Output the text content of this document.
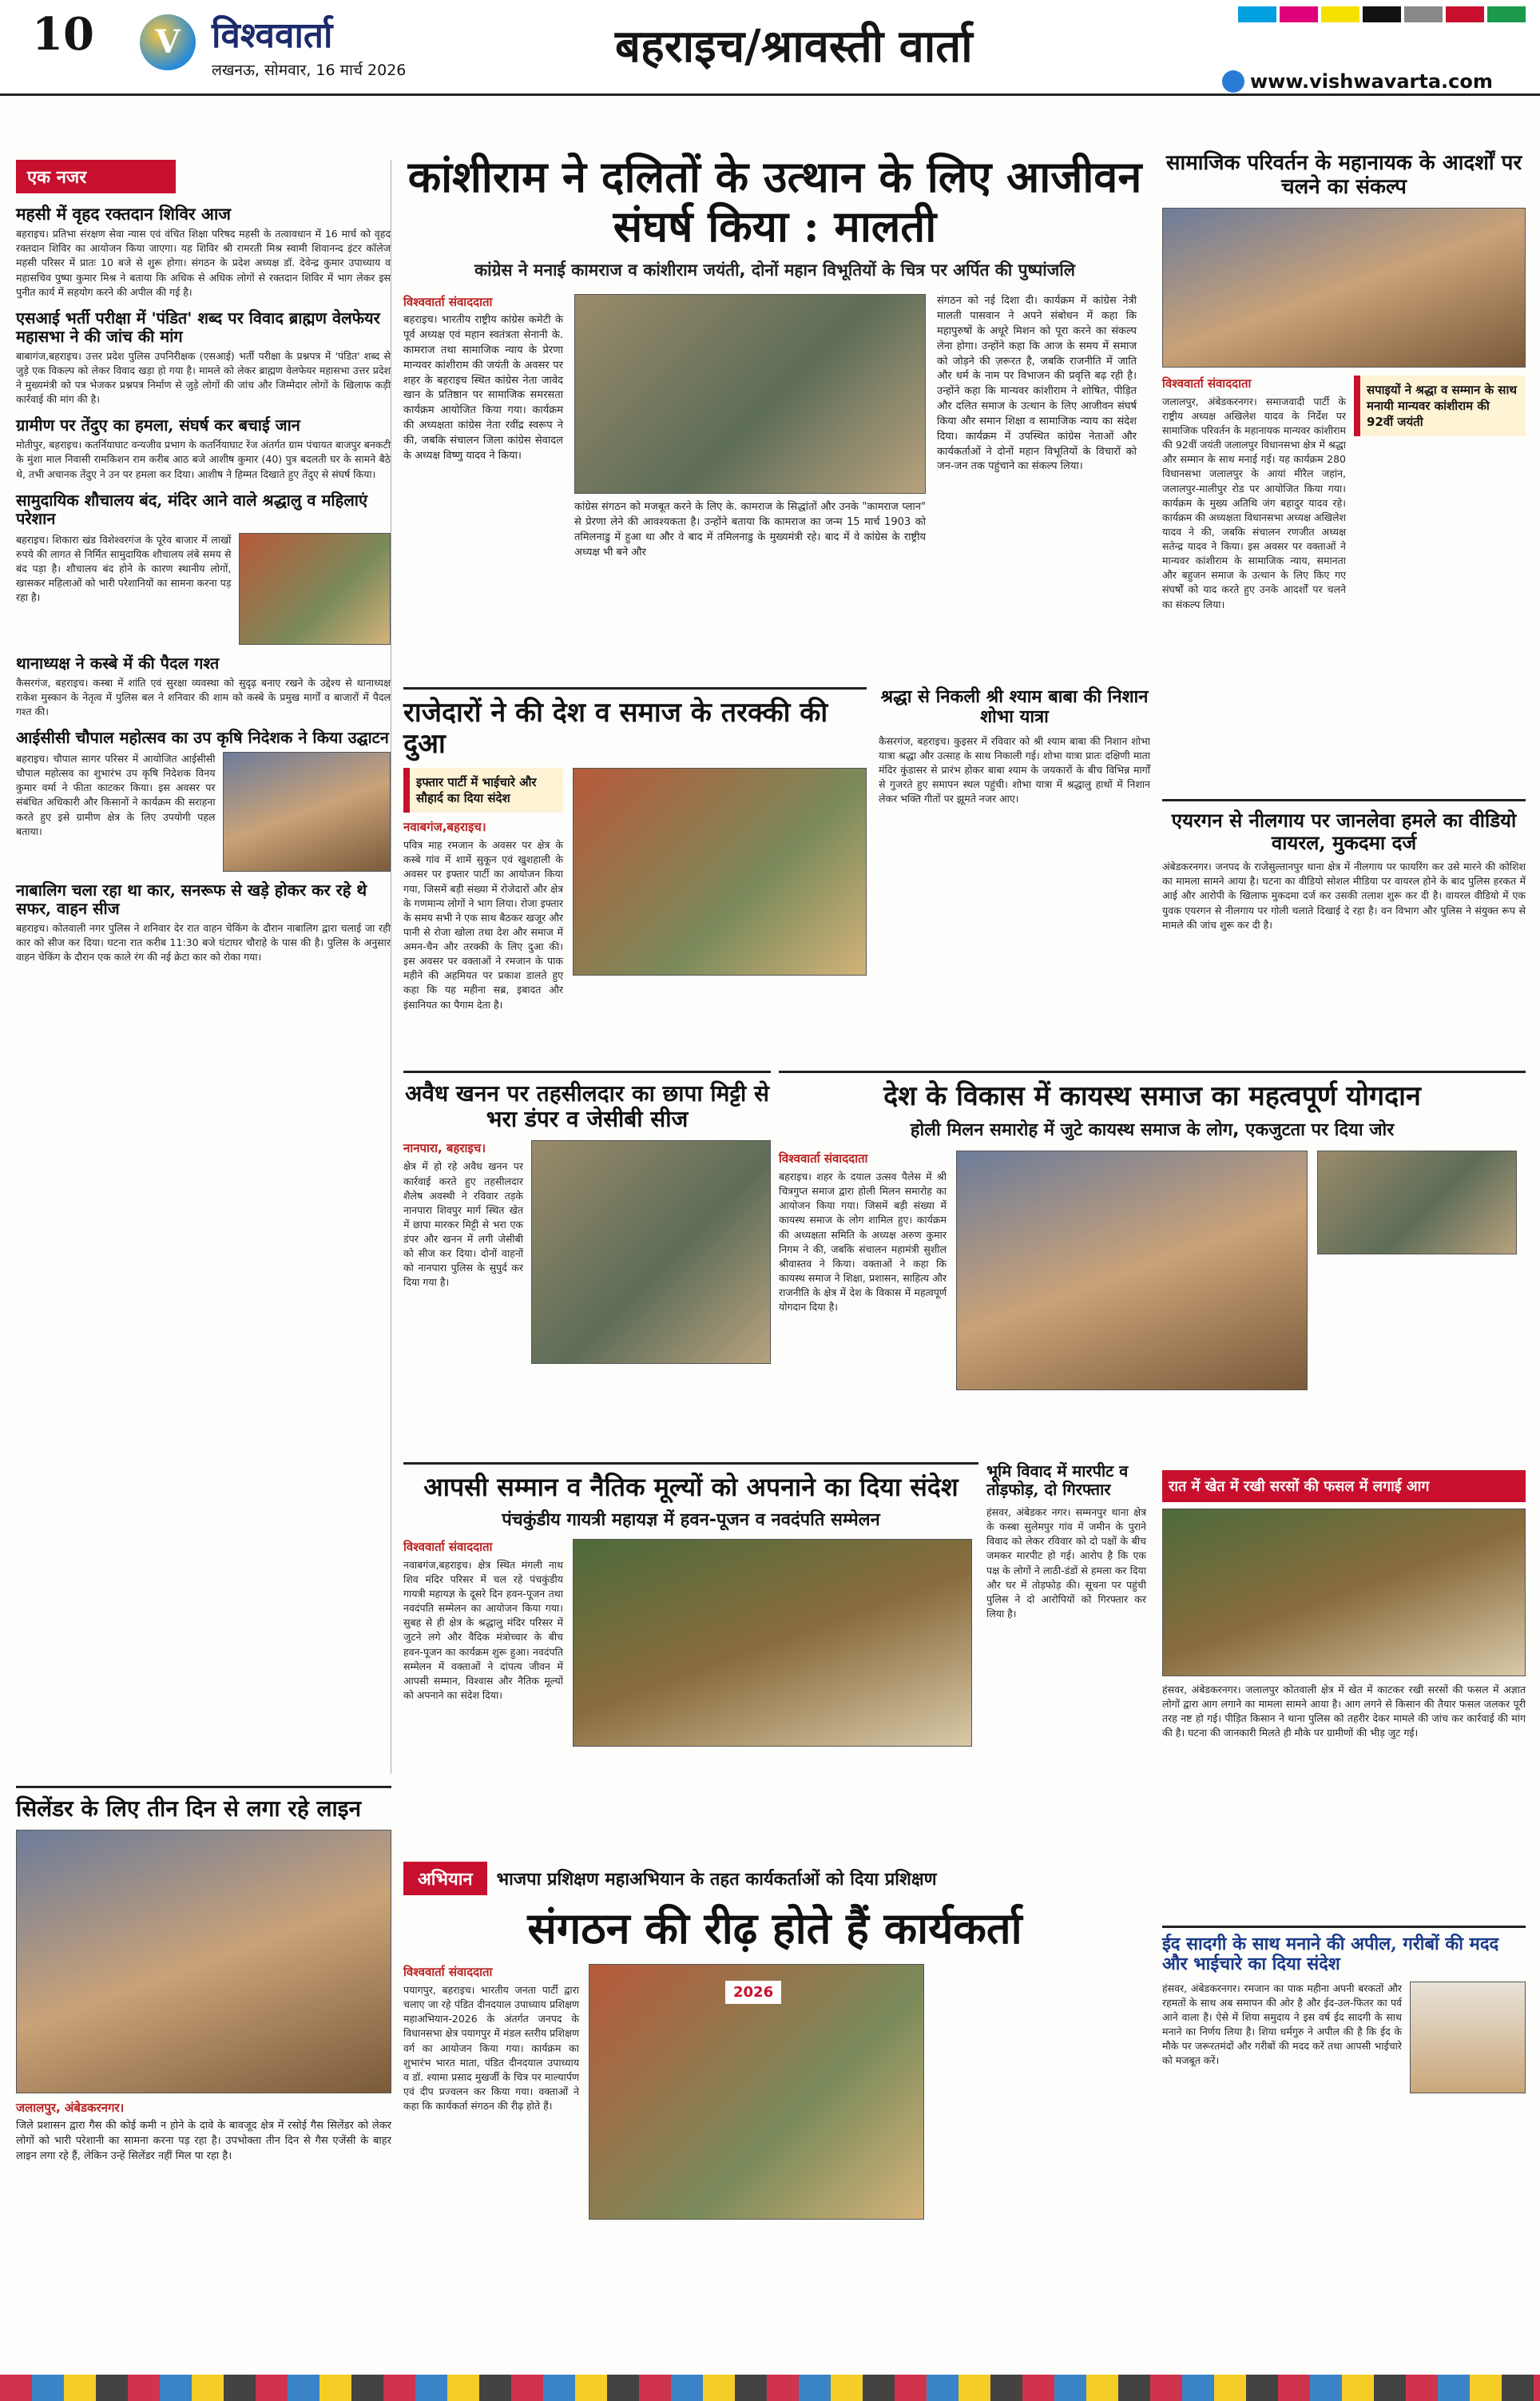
10	V विश्ववार्ता
लखनऊ, सोमवार, 16 मार्च 2026	बहराइच/श्रावस्ती वार्ता
www.vishwavarta.com
एक नजर
महसी में वृहद रक्तदान शिविर आज

बहराइच। प्रतिभा संरक्षण सेवा न्यास एवं वंचित शिक्षा परिषद महसी के तत्वावधान में 16 मार्च को वृहद रक्तदान शिविर का आयोजन किया जाएगा। यह शिविर श्री रामरती मिश्र स्वामी शिवानन्द इंटर कॉलेज महसी परिसर में प्रातः 10 बजे से शुरू होगा। संगठन के प्रदेश अध्यक्ष डॉ. देवेन्द्र कुमार उपाध्याय व महासचिव पुष्पा कुमार मिश्र ने बताया कि अधिक से अधिक लोगों से रक्तदान शिविर में भाग लेकर इस पुनीत कार्य में सहयोग करने की अपील की गई है।

एसआई भर्ती परीक्षा में 'पंडित' शब्द पर विवाद ब्राह्मण वेलफेयर महासभा ने की जांच की मांग

बाबागंज,बहराइच। उत्तर प्रदेश पुलिस उपनिरीक्षक (एसआई) भर्ती परीक्षा के प्रश्नपत्र में 'पंडित' शब्द से जुड़े एक विकल्प को लेकर विवाद खड़ा हो गया है। मामले को लेकर ब्राह्मण वेलफेयर महासभा उत्तर प्रदेश ने मुख्यमंत्री को पत्र भेजकर प्रश्नपत्र निर्माण से जुड़े लोगों की जांच और जिम्मेदार लोगों के खिलाफ कड़ी कार्रवाई की मांग की है।

ग्रामीण पर तेंदुए का हमला, संघर्ष कर बचाई जान

मोतीपुर, बहराइच। कतर्नियाघाट वन्यजीव प्रभाग के कतर्नियाघाट रेंज अंतर्गत ग्राम पंचायत बाजपुर बनकटी के मुंशा माल निवासी रामकिशन राम करीब आठ बजे आशीष कुमार (40) पुत्र बदलती घर के सामने बैठे थे, तभी अचानक तेंदुए ने उन पर हमला कर दिया। आशीष ने हिम्मत दिखाते हुए तेंदुए से संघर्ष किया।

सामुदायिक शौचालय बंद, मंदिर आने वाले श्रद्धालु व महिलाएं परेशान

बहराइच। शिकारा खंड विशेश्वरगंज के पूरेव बाजार में लाखों रुपये की लागत से निर्मित सामुदायिक शौचालय लंबे समय से बंद पड़ा है। शौचालय बंद होने के कारण स्थानीय लोगों, खासकर महिलाओं को भारी परेशानियों का सामना करना पड़ रहा है।

थानाध्यक्ष ने कस्बे में की पैदल गश्त

कैसरगंज, बहराइच। कस्बा में शांति एवं सुरक्षा व्यवस्था को सुदृढ़ बनाए रखने के उद्देश्य से थानाध्यक्ष राकेश मुस्कान के नेतृत्व में पुलिस बल ने शनिवार की शाम को कस्बे के प्रमुख मार्गों व बाजारों में पैदल गश्त की।

आईसीसी चौपाल महोत्सव का उप कृषि निदेशक ने किया उद्घाटन

बहराइच। चौपाल सागर परिसर में आयोजित आईसीसी चौपाल महोत्सव का शुभारंभ उप कृषि निदेशक विनय कुमार वर्मा ने फीता काटकर किया। इस अवसर पर संबंधित अधिकारी और किसानों ने कार्यक्रम की सराहना करते हुए इसे ग्रामीण क्षेत्र के लिए उपयोगी पहल बताया।

नाबालिग चला रहा था कार, सनरूफ से खड़े होकर कर रहे थे सफर, वाहन सीज

बहराइच। कोतवाली नगर पुलिस ने शनिवार देर रात वाहन चेकिंग के दौरान नाबालिग द्वारा चलाई जा रही कार को सीज कर दिया। घटना रात करीब 11:30 बजे घंटाघर चौराहे के पास की है। पुलिस के अनुसार वाहन चेकिंग के दौरान एक काले रंग की नई क्रेटा कार को रोका गया।

कांशीराम ने दलितों के उत्थान के लिए आजीवन संघर्ष किया : मालती

कांग्रेस ने मनाई कामराज व कांशीराम जयंती, दोनों महान विभूतियों के चित्र पर अर्पित की पुष्पांजलि

विश्ववार्ता संवाददाता

बहराइच। भारतीय राष्ट्रीय कांग्रेस कमेटी के पूर्व अध्यक्ष एवं महान स्वतंत्रता सेनानी के. कामराज तथा सामाजिक न्याय के प्रेरणा मान्यवर कांशीराम की जयंती के अवसर पर शहर के बहराइच स्थित कांग्रेस नेता जावेद खान के प्रतिष्ठान पर सामाजिक समरसता कार्यक्रम आयोजित किया गया। कार्यक्रम की अध्यक्षता कांग्रेस नेता रवींद्र स्वरूप ने की, जबकि संचालन जिला कांग्रेस सेवादल के अध्यक्ष विष्णु यादव ने किया।

कांग्रेस संगठन को मजबूत करने के लिए के. कामराज के सिद्धांतों और उनके "कामराज प्लान" से प्रेरणा लेने की आवश्यकता है। उन्होंने बताया कि कामराज का जन्म 15 मार्च 1903 को तमिलनाडु में हुआ था और वे बाद में तमिलनाडु के मुख्यमंत्री रहे। बाद में वे कांग्रेस के राष्ट्रीय अध्यक्ष भी बने और

संगठन को नई दिशा दी। कार्यक्रम में कांग्रेस नेत्री मालती पासवान ने अपने संबोधन में कहा कि महापुरुषों के अधूरे मिशन को पूरा करने का संकल्प लेना होगा। उन्होंने कहा कि आज के समय में समाज को जोड़ने की ज़रूरत है, जबकि राजनीति में जाति और धर्म के नाम पर विभाजन की प्रवृत्ति बढ़ रही है। उन्होंने कहा कि मान्यवर कांशीराम ने शोषित, पीड़ित और दलित समाज के उत्थान के लिए आजीवन संघर्ष किया और समान शिक्षा व सामाजिक न्याय का संदेश दिया। कार्यक्रम में उपस्थित कांग्रेस नेताओं और कार्यकर्ताओं ने दोनों महान विभूतियों के विचारों को जन-जन तक पहुंचाने का संकल्प लिया।

सामाजिक परिवर्तन के महानायक के आदर्शों पर चलने का संकल्प
विश्ववार्ता संवाददाता

जलालपुर, अंबेडकरनगर। समाजवादी पार्टी के राष्ट्रीय अध्यक्ष अखिलेश यादव के निर्देश पर सामाजिक परिवर्तन के महानायक मान्यवर कांशीराम की 92वीं जयंती जलालपुर विधानसभा क्षेत्र में श्रद्धा और सम्मान के साथ मनाई गई। यह कार्यक्रम 280 विधानसभा जलालपुर के आयां मीरैल जहांन, जलालपुर-मालीपुर रोड पर आयोजित किया गया। कार्यक्रम के मुख्य अतिथि जंग बहादुर यादव रहे। कार्यक्रम की अध्यक्षता विधानसभा अध्यक्ष अखिलेश यादव ने की, जबकि संचालन रणजीत अध्यक्ष सतेन्द्र यादव ने किया। इस अवसर पर वक्ताओं ने मान्यवर कांशीराम के सामाजिक न्याय, समानता और बहुजन समाज के उत्थान के लिए किए गए संघर्षों को याद करते हुए उनके आदर्शों पर चलने का संकल्प लिया।

सपाइयों ने श्रद्धा व सम्मान के साथ मनायी मान्यवर कांशीराम की 92वीं जयंती
राजेदारों ने की देश व समाज के तरक्की की दुआ
इफ्तार पार्टी में भाईचारे और सौहार्द का दिया संदेश
नवाबगंज,बहराइच।

पवित्र माह रमजान के अवसर पर क्षेत्र के कस्बे गांव में शामें सुकून एवं खुशहाली के अवसर पर इफ्तार पार्टी का आयोजन किया गया, जिसमें बड़ी संख्या में रोजेदारों और क्षेत्र के गणमान्य लोगों ने भाग लिया। रोजा इफ्तार के समय सभी ने एक साथ बैठकर खजूर और पानी से रोजा खोला तथा देश और समाज में अमन-चैन और तरक्की के लिए दुआ की। इस अवसर पर वक्ताओं ने रमजान के पाक महीने की अहमियत पर प्रकाश डालते हुए कहा कि यह महीना सब्र, इबादत और इंसानियत का पैगाम देता है।

श्रद्धा से निकली श्री श्याम बाबा की निशान शोभा यात्रा

कैसरगंज, बहराइच। कुइसर में रविवार को श्री श्याम बाबा की निशान शोभा यात्रा श्रद्धा और उत्साह के साथ निकाली गई। शोभा यात्रा प्रातः दक्षिणी माता मंदिर कुंडासर से प्रारंभ होकर बाबा श्याम के जयकारों के बीच विभिन्न मार्गों से गुजरते हुए समापन स्थल पहुंची। शोभा यात्रा में श्रद्धालु हाथों में निशान लेकर भक्ति गीतों पर झूमते नजर आए।

एयरगन से नीलगाय पर जानलेवा हमले का वीडियो वायरल, मुकदमा दर्ज

अंबेडकरनगर। जनपद के राजेसुल्तानपुर थाना क्षेत्र में नीलगाय पर फायरिंग कर उसे मारने की कोशिश का मामला सामने आया है। घटना का वीडियो सोशल मीडिया पर वायरल होने के बाद पुलिस हरकत में आई और आरोपी के खिलाफ मुकदमा दर्ज कर उसकी तलाश शुरू कर दी है। वायरल वीडियो में एक युवक एयरगन से नीलगाय पर गोली चलाते दिखाई दे रहा है। वन विभाग और पुलिस ने संयुक्त रूप से मामले की जांच शुरू कर दी है।

अवैध खनन पर तहसीलदार का छापा मिट्टी से भरा डंपर व जेसीबी सीज
नानपारा, बहराइच।

क्षेत्र में हो रहे अवैध खनन पर कार्रवाई करते हुए तहसीलदार शैलेष अवस्थी ने रविवार तड़के नानपारा शिवपुर मार्ग स्थित खेत में छापा मारकर मिट्टी से भरा एक डंपर और खनन में लगी जेसीबी को सीज कर दिया। दोनों वाहनों को नानपारा पुलिस के सुपुर्द कर दिया गया है।

देश के विकास में कायस्थ समाज का महत्वपूर्ण योगदान

होली मिलन समारोह में जुटे कायस्थ समाज के लोग, एकजुटता पर दिया जोर

विश्ववार्ता संवाददाता

बहराइच। शहर के दयाल उत्सव पैलेस में श्री चित्रगुप्त समाज द्वारा होली मिलन समारोह का आयोजन किया गया। जिसमें बड़ी संख्या में कायस्थ समाज के लोग शामिल हुए। कार्यक्रम की अध्यक्षता समिति के अध्यक्ष अरुण कुमार निगम ने की, जबकि संचालन महामंत्री सुशील श्रीवास्तव ने किया। वक्ताओं ने कहा कि कायस्थ समाज ने शिक्षा, प्रशासन, साहित्य और राजनीति के क्षेत्र में देश के विकास में महत्वपूर्ण योगदान दिया है।

आपसी सम्मान व नैतिक मूल्यों को अपनाने का दिया संदेश

पंचकुंडीय गायत्री महायज्ञ में हवन-पूजन व नवदंपति सम्मेलन

विश्ववार्ता संवाददाता

नवाबगंज,बहराइच। क्षेत्र स्थित मंगली नाथ शिव मंदिर परिसर में चल रहे पंचकुंडीय गायत्री महायज्ञ के दूसरे दिन हवन-पूजन तथा नवदंपति सम्मेलन का आयोजन किया गया। सुबह से ही क्षेत्र के श्रद्धालु मंदिर परिसर में जुटने लगे और वैदिक मंत्रोच्चार के बीच हवन-पूजन का कार्यक्रम शुरू हुआ। नवदंपति सम्मेलन में वक्ताओं ने दांपत्य जीवन में आपसी सम्मान, विश्वास और नैतिक मूल्यों को अपनाने का संदेश दिया।

भूमि विवाद में मारपीट व तोड़फोड़, दो गिरफ्तार

हंसवर, अंबेडकर नगर। सम्मनपुर थाना क्षेत्र के कस्बा सुलेमपुर गांव में जमीन के पुराने विवाद को लेकर रविवार को दो पक्षों के बीच जमकर मारपीट हो गई। आरोप है कि एक पक्ष के लोगों ने लाठी-डंडों से हमला कर दिया और घर में तोड़फोड़ की। सूचना पर पहुंची पुलिस ने दो आरोपियों को गिरफ्तार कर लिया है।

रात में खेत में रखी सरसों की फसल में लगाई आग

हंसवर, अंबेडकरनगर। जलालपुर कोतवाली क्षेत्र में खेत में काटकर रखी सरसों की फसल में अज्ञात लोगों द्वारा आग लगाने का मामला सामने आया है। आग लगने से किसान की तैयार फसल जलकर पूरी तरह नष्ट हो गई। पीड़ित किसान ने थाना पुलिस को तहरीर देकर मामले की जांच कर कार्रवाई की मांग की है। घटना की जानकारी मिलते ही मौके पर ग्रामीणों की भीड़ जुट गई।

ईद सादगी के साथ मनाने की अपील, गरीबों की मदद और भाईचारे का दिया संदेश

हंसवर, अंबेडकरनगर। रमजान का पाक महीना अपनी बरकतों और रहमतों के साथ अब समापन की ओर है और ईद-उल-फितर का पर्व आने वाला है। ऐसे में शिया समुदाय ने इस वर्ष ईद सादगी के साथ मनाने का निर्णय लिया है। शिया धर्मगुरु ने अपील की है कि ईद के मौके पर जरूरतमंदों और गरीबों की मदद करें तथा आपसी भाईचारे को मजबूत करें।

सिलेंडर के लिए तीन दिन से लगा रहे लाइन
जलालपुर, अंबेडकरनगर।

जिले प्रशासन द्वारा गैस की कोई कमी न होने के दावे के बावजूद क्षेत्र में रसोई गैस सिलेंडर को लेकर लोगों को भारी परेशानी का सामना करना पड़ रहा है। उपभोक्ता तीन दिन से गैस एजेंसी के बाहर लाइन लगा रहे हैं, लेकिन उन्हें सिलेंडर नहीं मिल पा रहा है।

अभियान	भाजपा प्रशिक्षण महाअभियान के तहत कार्यकर्ताओं को दिया प्रशिक्षण
संगठन की रीढ़ होते हैं कार्यकर्ता
विश्ववार्ता संवाददाता

पयागपुर, बहराइच। भारतीय जनता पार्टी द्वारा चलाए जा रहे पंडित दीनदयाल उपाध्याय प्रशिक्षण महाअभियान-2026 के अंतर्गत जनपद के विधानसभा क्षेत्र पयागपुर में मंडल स्तरीय प्रशिक्षण वर्ग का आयोजन किया गया। कार्यक्रम का शुभारंभ भारत माता, पंडित दीनदयाल उपाध्याय व डॉ. श्यामा प्रसाद मुखर्जी के चित्र पर माल्यार्पण एवं दीप प्रज्वलन कर किया गया। वक्ताओं ने कहा कि कार्यकर्ता संगठन की रीढ़ होते हैं।

2026
